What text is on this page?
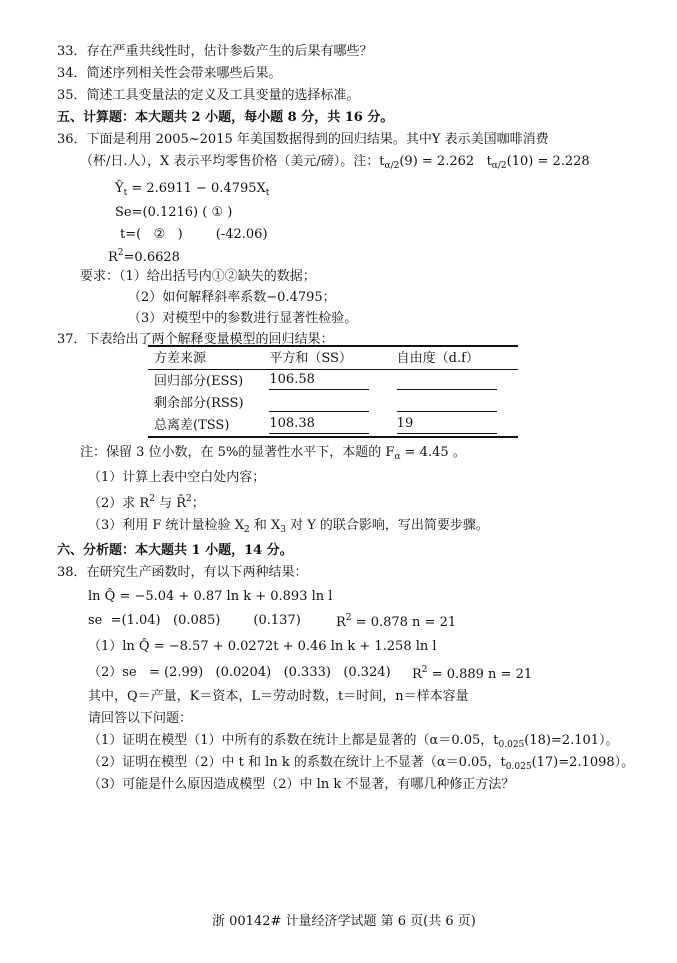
33．存在严重共线性时，估计参数产生的后果有哪些？
34．简述序列相关性会带来哪些后果。
35．简述工具变量法的定义及工具变量的选择标准。
五、计算题：本大题共 2 小题，每小题 8 分，共 16 分。
36．下面是利用 2005~2015 年美国数据得到的回归结果。其中Y 表示美国咖啡消费
（杯/日.人），X 表示平均零售价格（美元/磅）。注：$t_{\alpha/2}(9) = 2.262$ $t_{\alpha/2}(10) = 2.228$
$Ŷ_t = 2.6911 - 0.4795X_t$
Se=(0.1216) ( ① )
t=(   ②   )        (-42.06)
$R^2=0.6628$
要求：（1）给出括号内①②缺失的数据；
（2）如何解释斜率系数−0.4795；
（3）对模型中的参数进行显著性检验。
37．下表给出了两个解释变量模型的回归结果：
方差来源	平方和（SS）	自由度（d.f）
回归部分(ESS)	106.58	
剩余部分(RSS)		
总离差(TSS)	108.38	19
注：保留 3 位小数，在 5%的显著性水平下，本题的 $F_\alpha = 4.45$ 。
（1）计算上表中空白处内容；
（2）求 $R^2$ 与 R̄$^2$；
（3）利用 F 统计量检验 $X_2$ 和 $X_3$ 对 Y 的联合影响，写出简要步骤。
六、分析题：本大题共 1 小题，14 分。
38．在研究生产函数时，有以下两种结果：
ln Q̂ = −5.04 + 0.87 ln k + 0.893 ln l
se  =(1.04)   (0.085)        (0.137)	$R^2 = 0.878$ n = 21
（1）ln Q̂ = −8.57 + 0.0272t + 0.46 ln k + 1.258 ln l
（2）se   = (2.99)   (0.0204)   (0.333)   (0.324) $R^2 = 0.889$ n = 21
其中，Q＝产量，K＝资本，L＝劳动时数，t＝时间，n＝样本容量
请回答以下问题：
（1）证明在模型（1）中所有的系数在统计上都是显著的（α＝0.05，$t_{0.025}(18)=2.101$）。
（2）证明在模型（2）中 t 和 ln k 的系数在统计上不显著（α＝0.05，$t_{0.025}(17)=2.1098$）。
（3）可能是什么原因造成模型（2）中 ln k 不显著，有哪几种修正方法？
浙 00142# 计量经济学试题 第 6 页(共 6 页)
